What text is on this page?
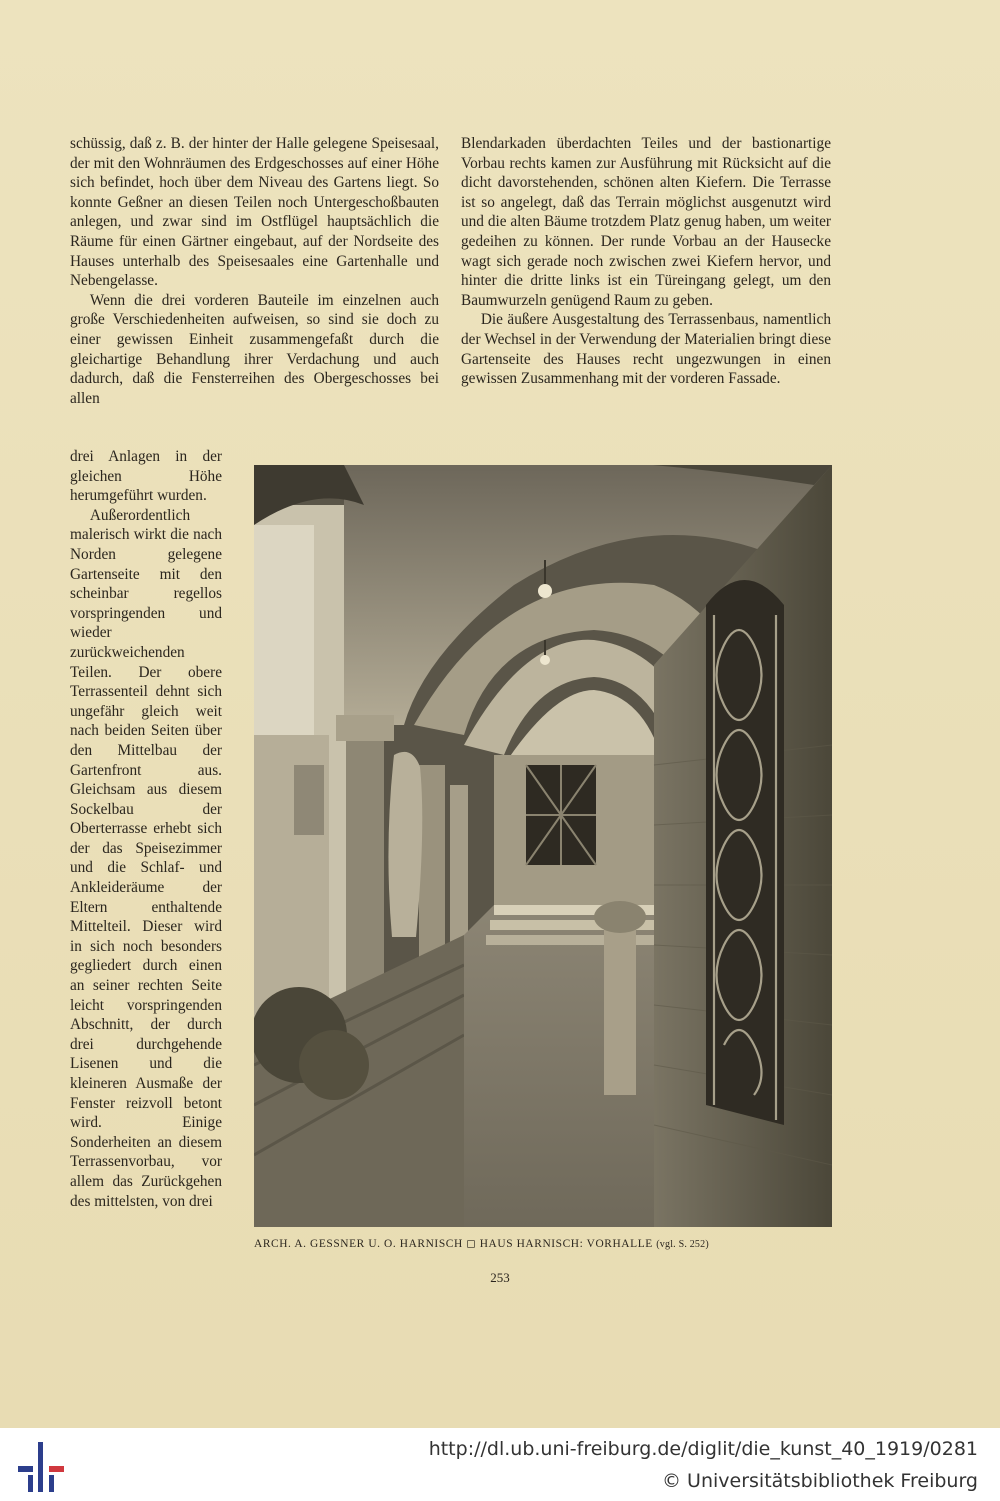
schüssig, daß z. B. der hinter der Halle gelegene Speisesaal, der mit den Wohnräumen des Erdgeschosses auf einer Höhe sich befindet, hoch über dem Niveau des Gartens liegt. So konnte Geßner an diesen Teilen noch Untergeschoßbauten anlegen, und zwar sind im Ostflügel hauptsächlich die Räume für einen Gärtner eingebaut, auf der Nordseite des Hauses unterhalb des Speisesaales eine Gartenhalle und Nebengelasse.

Wenn die drei vorderen Bauteile im einzelnen auch große Verschiedenheiten aufweisen, so sind sie doch zu einer gewissen Einheit zusammengefaßt durch die gleichartige Behandlung ihrer Verdachung und auch dadurch, daß die Fensterreihen des Obergeschosses bei allen

drei Anlagen in der gleichen Höhe herumgeführt wurden.

Außerordentlich malerisch wirkt die nach Norden gelegene Gartenseite mit den scheinbar regellos vorspringenden und wieder zurückweichenden Teilen. Der obere Terrassenteil dehnt sich ungefähr gleich weit nach beiden Seiten über den Mittelbau der Gartenfront aus. Gleichsam aus diesem Sockelbau der Oberterrasse erhebt sich der das Speisezimmer und die Schlaf- und Ankleideräume der Eltern enthaltende Mittelteil. Dieser wird in sich noch besonders gegliedert durch einen an seiner rechten Seite leicht vorspringenden Abschnitt, der durch drei durchgehende Lisenen und die kleineren Ausmaße der Fenster reizvoll betont wird. Einige Sonderheiten an diesem Terrassenvorbau, vor allem das Zurückgehen des mittelsten, von drei

Blendarkaden überdachten Teiles und der bastionartige Vorbau rechts kamen zur Ausführung mit Rücksicht auf die dicht davorstehenden, schönen alten Kiefern. Die Terrasse ist so angelegt, daß das Terrain möglichst ausgenutzt wird und die alten Bäume trotzdem Platz genug haben, um weiter gedeihen zu können. Der runde Vorbau an der Hausecke wagt sich gerade noch zwischen zwei Kiefern hervor, und hinter die dritte links ist ein Türeingang gelegt, um den Baumwurzeln genügend Raum zu geben.

Die äußere Ausgestaltung des Terrassenbaus, namentlich der Wechsel in der Verwendung der Materialien bringt diese Gartenseite des Hauses recht ungezwungen in einen gewissen Zusammenhang mit der vorderen Fassade.

ARCH. A. GESSNER U. O. HARNISCH ◻ HAUS HARNISCH: VORHALLE (vgl. S. 252)
253
http://dl.ub.uni-freiburg.de/diglit/die_kunst_40_1919/0281
© Universitätsbibliothek Freiburg
